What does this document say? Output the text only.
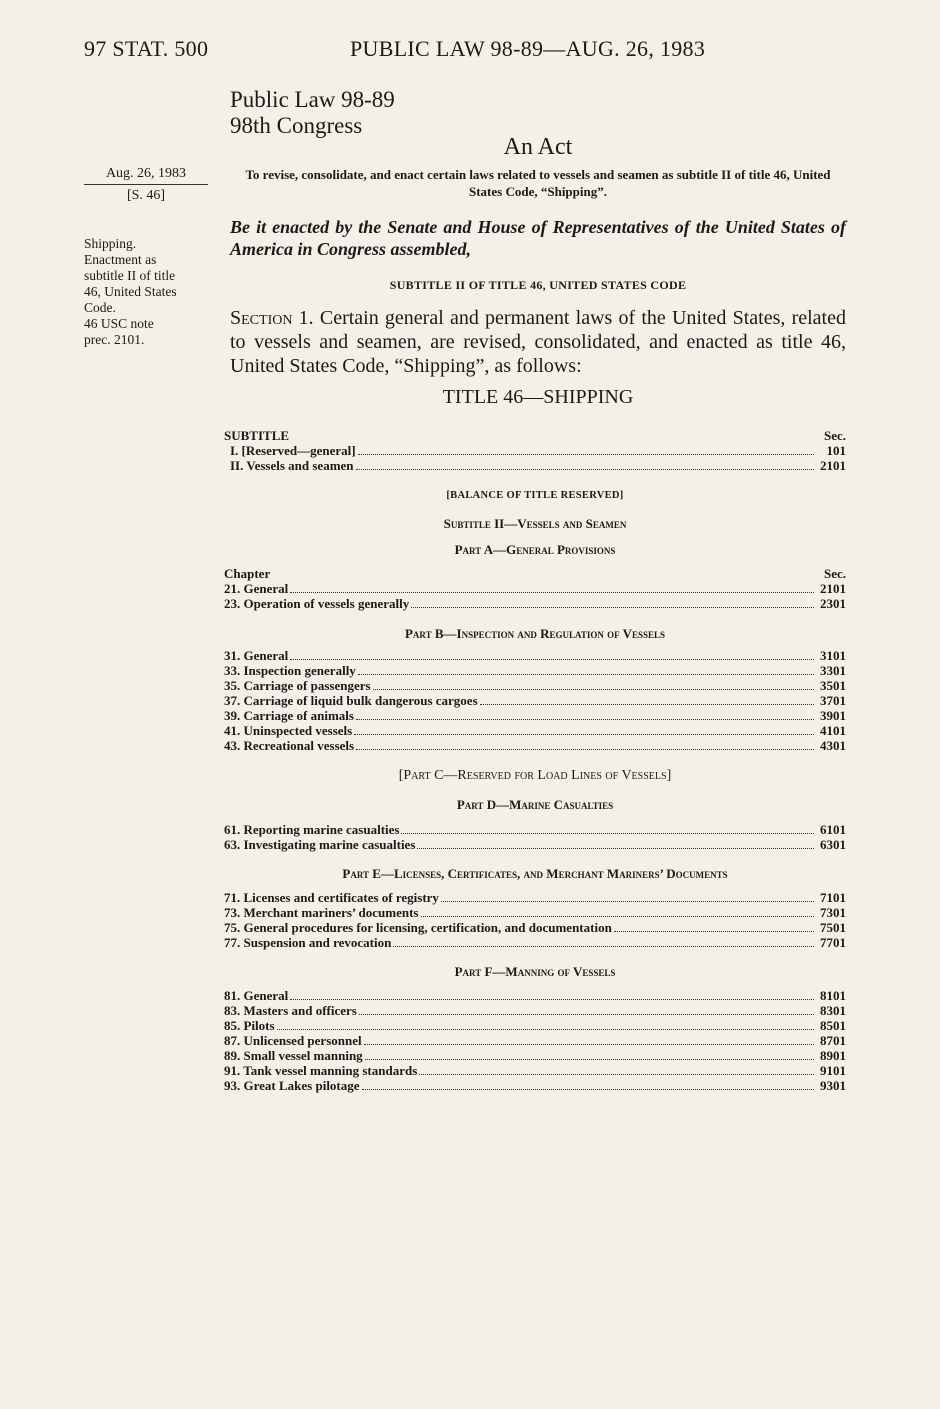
97 STAT. 500	PUBLIC LAW 98-89—AUG. 26, 1983
Public Law 98-89
98th Congress
An Act
Aug. 26, 1983
[S. 46]
To revise, consolidate, and enact certain laws related to vessels and seamen as subtitle II of title 46, United States Code, “Shipping”.
Be it enacted by the Senate and House of Representatives of the United States of America in Congress assembled,
Shipping.
Enactment as
subtitle II of title
46, United States
Code.
46 USC note
prec. 2101.
SUBTITLE II OF TITLE 46, UNITED STATES CODE
Section 1. Certain general and permanent laws of the United States, related to vessels and seamen, are revised, consolidated, and enacted as title 46, United States Code, “Shipping”, as follows:
TITLE 46—SHIPPING
SUBTITLE	Sec.
I. [Reserved—general]	101
II. Vessels and seamen	2101
[BALANCE OF TITLE RESERVED]
Subtitle II—Vessels and Seamen
Part A—General Provisions
Chapter	Sec.
21. General	2101
23. Operation of vessels generally	2301
Part B—Inspection and Regulation of Vessels
31. General	3101
33. Inspection generally	3301
35. Carriage of passengers	3501
37. Carriage of liquid bulk dangerous cargoes	3701
39. Carriage of animals	3901
41. Uninspected vessels	4101
43. Recreational vessels	4301
[Part C—Reserved for Load Lines of Vessels]
Part D—Marine Casualties
61. Reporting marine casualties	6101
63. Investigating marine casualties	6301
Part E—Licenses, Certificates, and Merchant Mariners’ Documents
71. Licenses and certificates of registry	7101
73. Merchant mariners’ documents	7301
75. General procedures for licensing, certification, and documentation	7501
77. Suspension and revocation	7701
Part F—Manning of Vessels
81. General	8101
83. Masters and officers	8301
85. Pilots	8501
87. Unlicensed personnel	8701
89. Small vessel manning	8901
91. Tank vessel manning standards	9101
93. Great Lakes pilotage	9301
